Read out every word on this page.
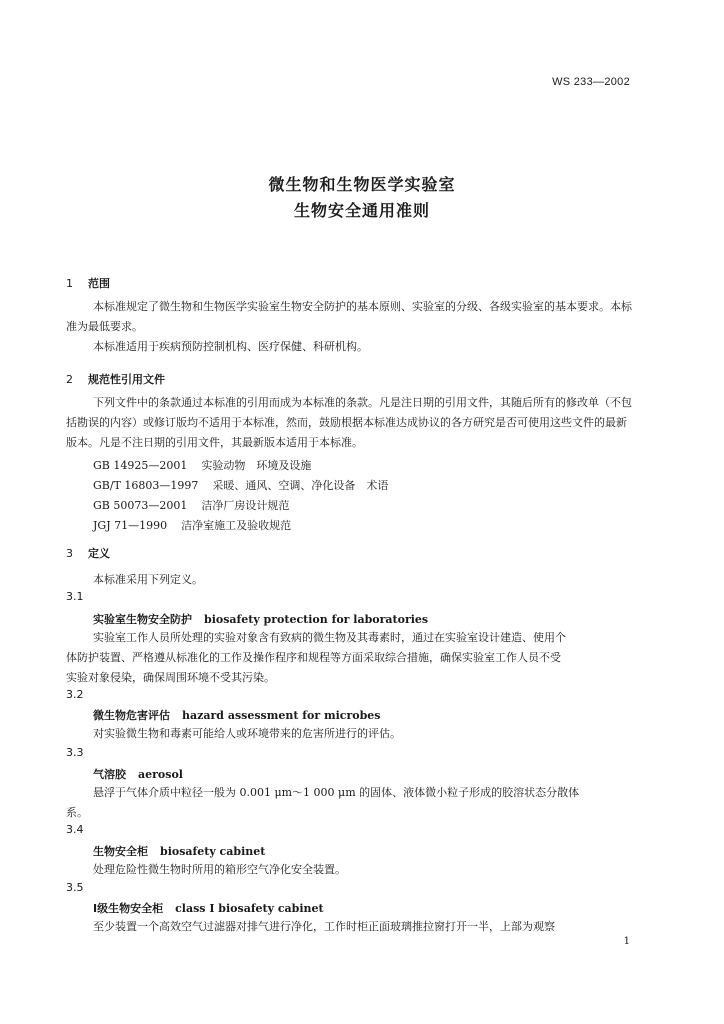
WS 233—2002
微生物和生物医学实验室
生物安全通用准则
1 范围
本标准规定了微生物和生物医学实验室生物安全防护的基本原则、实验室的分级、各级实验室的基本要求。本标准为最低要求。
本标准适用于疾病预防控制机构、医疗保健、科研机构。
2 规范性引用文件
下列文件中的条款通过本标准的引用而成为本标准的条款。凡是注日期的引用文件，其随后所有的修改单（不包括勘误的内容）或修订版均不适用于本标准，然而，鼓励根据本标准达成协议的各方研究是否可使用这些文件的最新版本。凡是不注日期的引用文件，其最新版本适用于本标准。
GB 14925—2001 实验动物　环境及设施
GB/T 16803—1997 采暖、通风、空调、净化设备　术语
GB 50073—2001 洁净厂房设计规范
JGJ 71—1990 洁净室施工及验收规范
3 定义
本标准采用下列定义。
3.1
实验室生物安全防护 biosafety protection for laboratories
实验室工作人员所处理的实验对象含有致病的微生物及其毒素时，通过在实验室设计建造、使用个
体防护装置、严格遵从标准化的工作及操作程序和规程等方面采取综合措施，确保实验室工作人员不受
实验对象侵染，确保周围环境不受其污染。
3.2
微生物危害评估 hazard assessment for microbes
对实验微生物和毒素可能给人或环境带来的危害所进行的评估。
3.3
气溶胶 aerosol
悬浮于气体介质中粒径一般为 0.001 μm～1 000 μm 的固体、液体微小粒子形成的胶溶状态分散体
系。
3.4
生物安全柜 biosafety cabinet
处理危险性微生物时所用的箱形空气净化安全装置。
3.5
Ⅰ级生物安全柜 class Ⅰ biosafety cabinet
至少装置一个高效空气过滤器对排气进行净化，工作时柜正面玻璃推拉窗打开一半，上部为观察
1
